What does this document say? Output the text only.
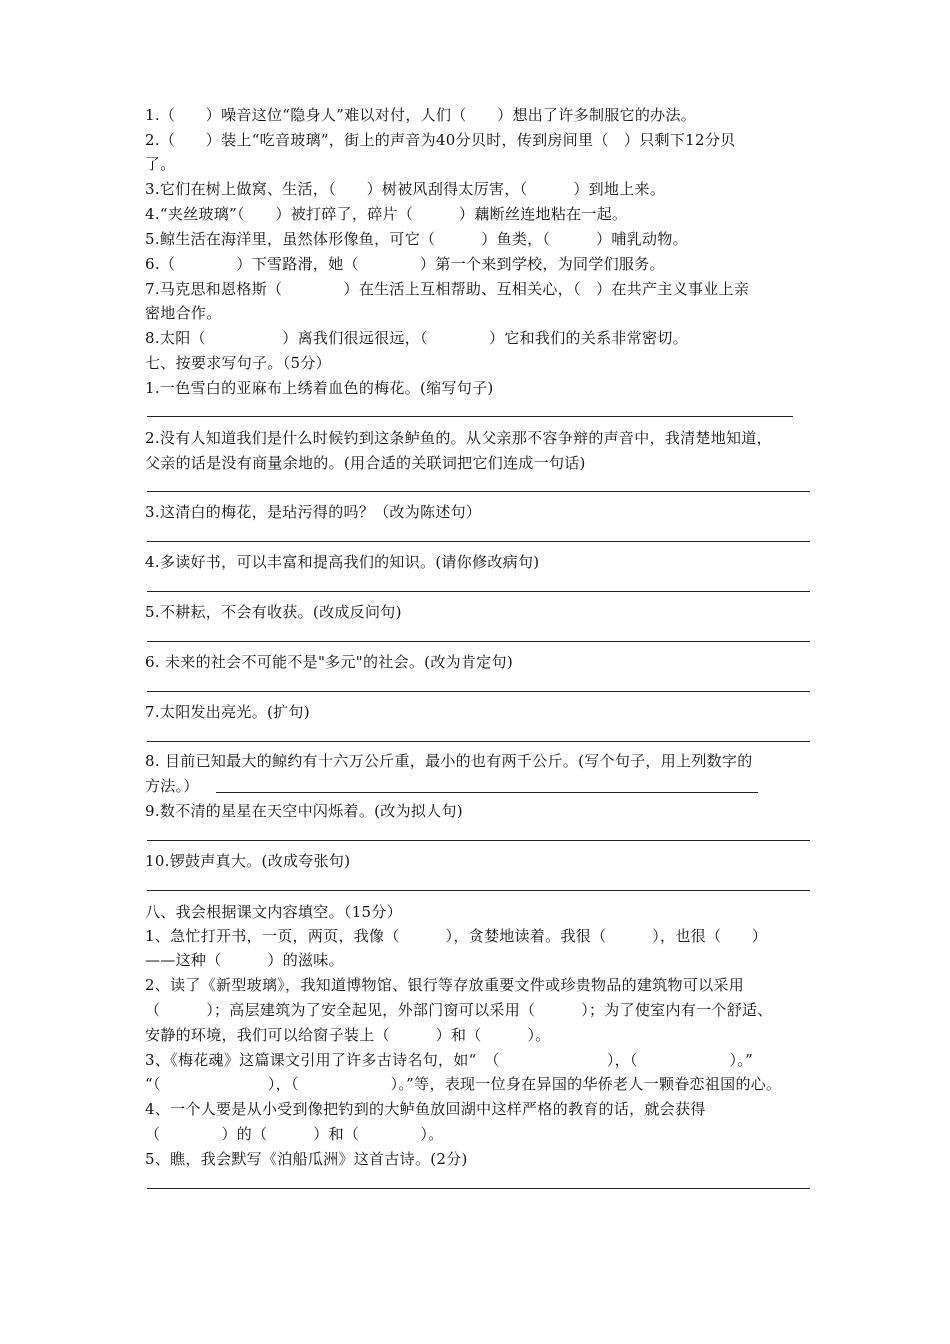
1.（　　）噪音这位“隐身人”难以对付，人们（　　）想出了许多制服它的办法。
2.（　　）装上“吃音玻璃”，街上的声音为40分贝时，传到房间里（　）只剩下12分贝
了。
3.它们在树上做窝、生活，（　　）树被风刮得太厉害，（　　　）到地上来。
4.“夹丝玻璃”（　　）被打碎了，碎片（　　　）藕断丝连地粘在一起。
5.鲸生活在海洋里，虽然体形像鱼，可它（　　　）鱼类，（　　　）哺乳动物。
6.（　　　　）下雪路滑，她（　　　　）第一个来到学校，为同学们服务。
7.马克思和恩格斯（　　　　）在生活上互相帮助、互相关心，（　）在共产主义事业上亲
密地合作。
8.太阳（　　　　　）离我们很远很远，（　　　　）它和我们的关系非常密切。
七、按要求写句子。（5分）
1.一色雪白的亚麻布上绣着血色的梅花。(缩写句子)
2.没有人知道我们是什么时候钓到这条鲈鱼的。从父亲那不容争辩的声音中，我清楚地知道，
父亲的话是没有商量余地的。(用合适的关联词把它们连成一句话)
3.这清白的梅花，是玷污得的吗？（改为陈述句）
4.多读好书，可以丰富和提高我们的知识。(请你修改病句)
5.不耕耘，不会有收获。(改成反问句)
6. 未来的社会不可能不是"多元"的社会。(改为肯定句)
7.太阳发出亮光。(扩句)
8. 目前已知最大的鲸约有十六万公斤重，最小的也有两千公斤。(写个句子，用上列数字的
方法。）
9.数不清的星星在天空中闪烁着。(改为拟人句)
10.锣鼓声真大。(改成夸张句)
八、我会根据课文内容填空。（15分）
1、急忙打开书，一页，两页，我像（　　　），贪婪地读着。我很（　　　），也很（　　）
——这种（　　　）的滋味。
2、读了《新型玻璃》，我知道博物馆、银行等存放重要文件或珍贵物品的建筑物可以采用
（　　　）；高层建筑为了安全起见，外部门窗可以采用（　　　）；为了使室内有一个舒适、
安静的环境，我们可以给窗子装上（　　　）和（　　　）。
3、《梅花魂》这篇课文引用了许多古诗名句，如“　（　　　　　　　），（　　　　　　）。”
“（　　　　　　　），（　　　　　　）。”等，表现一位身在异国的华侨老人一颗眷恋祖国的心。
4、一个人要是从小受到像把钓到的大鲈鱼放回湖中这样严格的教育的话，就会获得
（　　　　）的（　　　）和（　　　　）。
5、瞧，我会默写《泊船瓜洲》这首古诗。(2分)
